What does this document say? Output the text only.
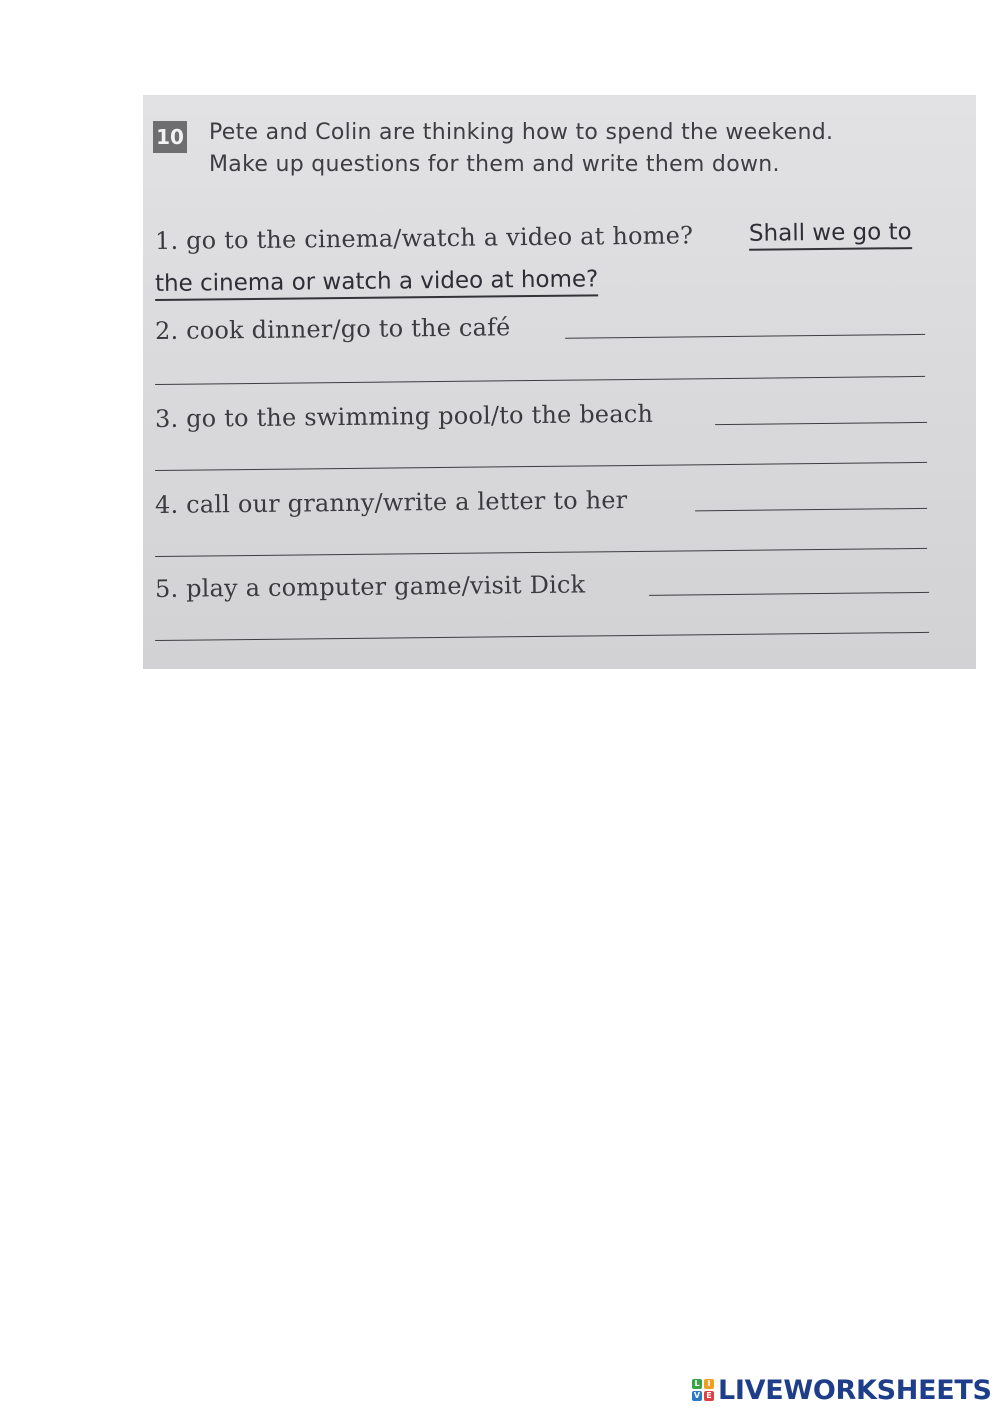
10 Pete and Colin are thinking how to spend the weekend.
Make up questions for them and write them down.
1. go to the cinema/watch a video at home? Shall we go to
the cinema or watch a video at home?
2. cook dinner/go to the café
3. go to the swimming pool/to the beach
4. call our granny/write a letter to her
5. play a computer game/visit Dick
L I
V E LIVEWORKSHEETS
